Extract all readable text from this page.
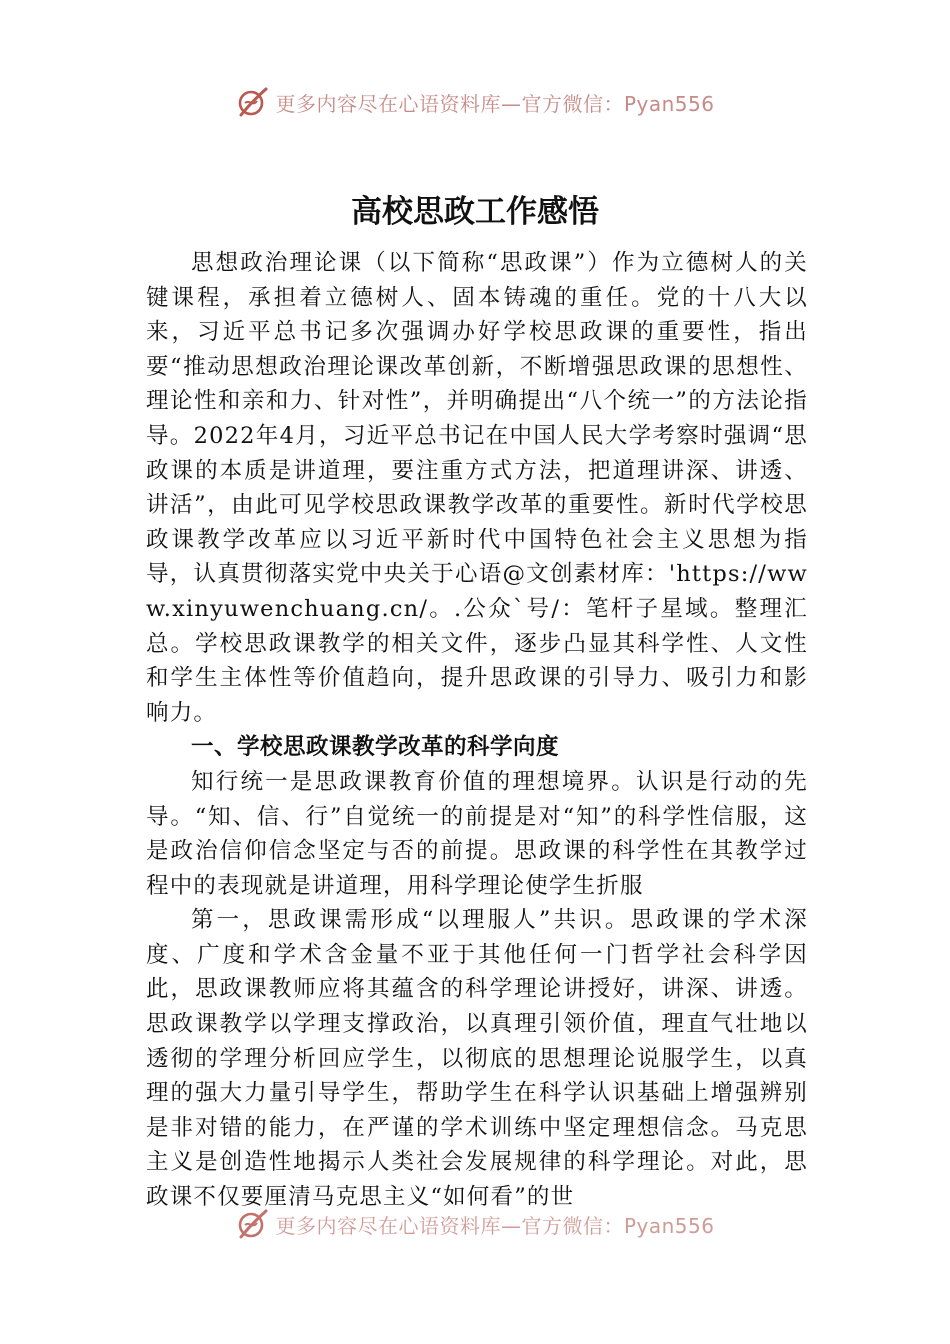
更多内容尽在心语资料库—官方微信：Pyan556
高校思政工作感悟

思想政治理论课（以下简称“思政课”）作为立德树人的关键课程，承担着立德树人、固本铸魂的重任。党的十八大以来，习近平总书记多次强调办好学校思政课的重要性，指出要“推动思想政治理论课改革创新，不断增强思政课的思想性、理论性和亲和力、针对性”，并明确提出“八个统一”的方法论指导。2022年4月，习近平总书记在中国人民大学考察时强调“思政课的本质是讲道理，要注重方式方法，把道理讲深、讲透、讲活”，由此可见学校思政课教学改革的重要性。新时代学校思政课教学改革应以习近平新时代中国特色社会主义思想为指导，认真贯彻落实党中央关于心语@文创素材库：'https://www.xinyuwenchuang.cn/。.公众`号/：笔杆子星域。整理汇总。学校思政课教学的相关文件，逐步凸显其科学性、人文性和学生主体性等价值趋向，提升思政课的引导力、吸引力和影响力。

一、学校思政课教学改革的科学向度

知行统一是思政课教育价值的理想境界。认识是行动的先导。“知、信、行”自觉统一的前提是对“知”的科学性信服，这是政治信仰信念坚定与否的前提。思政课的科学性在其教学过程中的表现就是讲道理，用科学理论使学生折服

第一，思政课需形成“以理服人”共识。思政课的学术深度、广度和学术含金量不亚于其他任何一门哲学社会科学因此，思政课教师应将其蕴含的科学理论讲授好，讲深、讲透。思政课教学以学理支撑政治，以真理引领价值，理直气壮地以透彻的学理分析回应学生，以彻底的思想理论说服学生，以真理的强大力量引导学生，帮助学生在科学认识基础上增强辨别是非对错的能力，在严谨的学术训练中坚定理想信念。马克思主义是创造性地揭示人类社会发展规律的科学理论。对此，思政课不仅要厘清马克思主义“如何看”的世

更多内容尽在心语资料库—官方微信：Pyan556
